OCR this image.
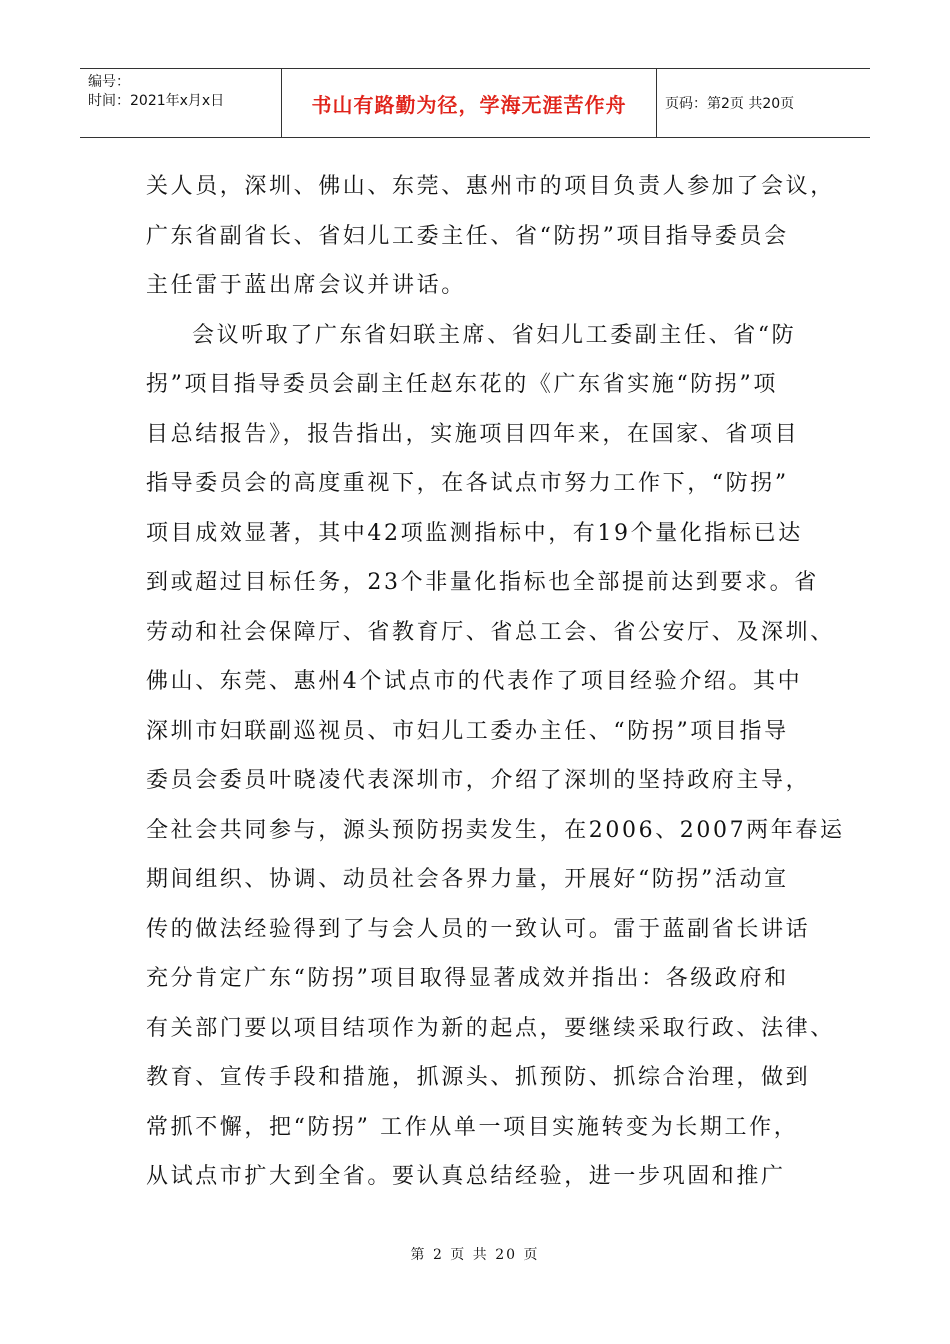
编号：
时间：2021年x月x日	书山有路勤为径，学海无涯苦作舟	页码：第2页 共20页
关人员，深圳、佛山、东莞、惠州市的项目负责人参加了会议，
广东省副省长、省妇儿工委主任、省“防拐”项目指导委员会
主任雷于蓝出席会议并讲话。
会议听取了广东省妇联主席、省妇儿工委副主任、省“防
拐”项目指导委员会副主任赵东花的《广东省实施“防拐”项
目总结报告》，报告指出，实施项目四年来，在国家、省项目
指导委员会的高度重视下，在各试点市努力工作下，“防拐”
项目成效显著，其中42项监测指标中，有19个量化指标已达
到或超过目标任务，23个非量化指标也全部提前达到要求。省
劳动和社会保障厅、省教育厅、省总工会、省公安厅、及深圳、
佛山、东莞、惠州4个试点市的代表作了项目经验介绍。其中
深圳市妇联副巡视员、市妇儿工委办主任、“防拐”项目指导
委员会委员叶晓凌代表深圳市，介绍了深圳的坚持政府主导，
全社会共同参与，源头预防拐卖发生，在2006、2007两年春运
期间组织、协调、动员社会各界力量，开展好“防拐”活动宣
传的做法经验得到了与会人员的一致认可。雷于蓝副省长讲话
充分肯定广东“防拐”项目取得显著成效并指出：各级政府和
有关部门要以项目结项作为新的起点，要继续采取行政、法律、
教育、宣传手段和措施，抓源头、抓预防、抓综合治理，做到
常抓不懈，把“防拐” 工作从单一项目实施转变为长期工作，
从试点市扩大到全省。要认真总结经验，进一步巩固和推广
第 2 页 共 20 页
